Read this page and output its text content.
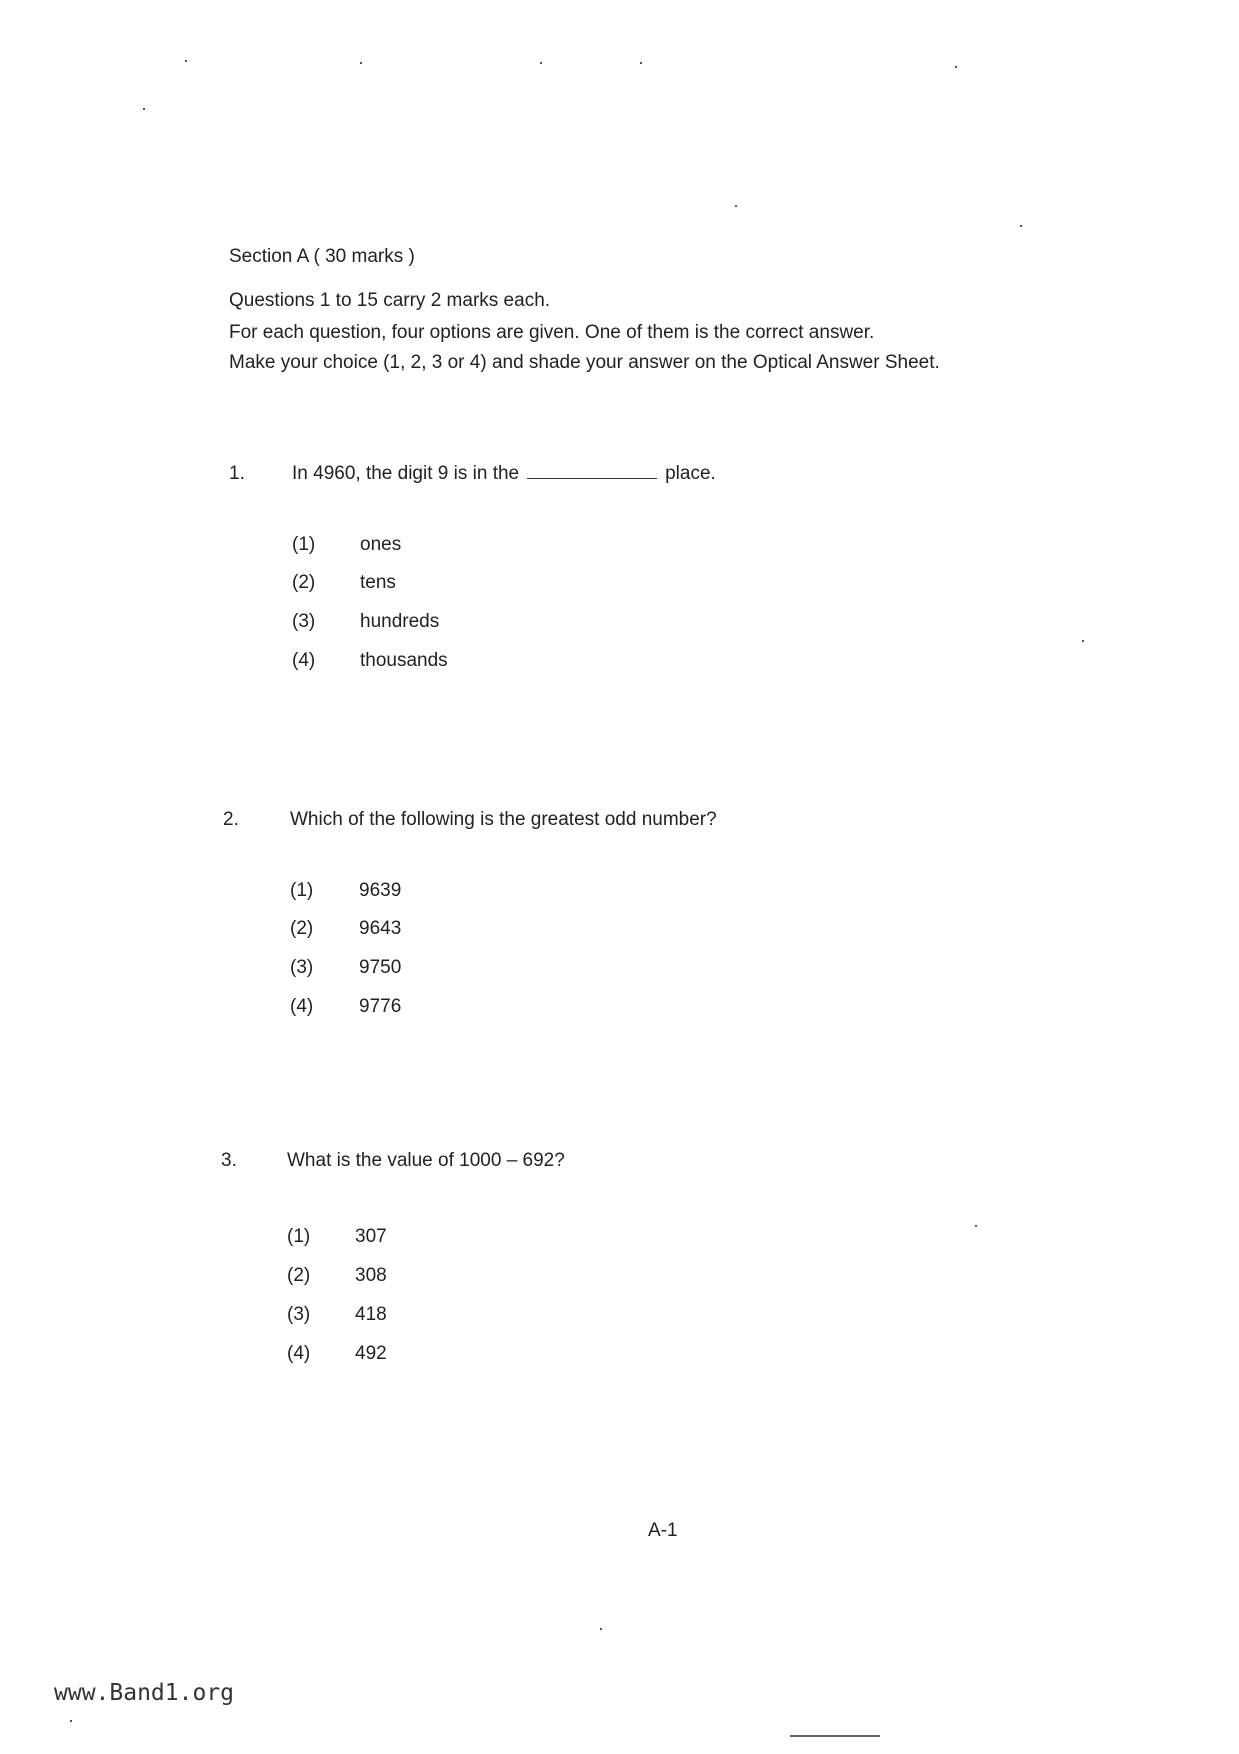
Section A ( 30 marks )
Questions 1 to 15 carry 2 marks each.
For each question, four options are given. One of them is the correct answer.
Make your choice (1, 2, 3 or 4) and shade your answer on the Optical Answer Sheet.
1. In 4960, the digit 9 is in the	place.
(1) ones
(2) tens
(3) hundreds
(4) thousands
2.	Which of the following is the greatest odd number?
(1) 9639
(2) 9643
(3) 9750
(4) 9776
3.	What is the value of 1000 – 692?
(1) 307
(2) 308
(3) 418
(4) 492
A-1
www.Band1.org
